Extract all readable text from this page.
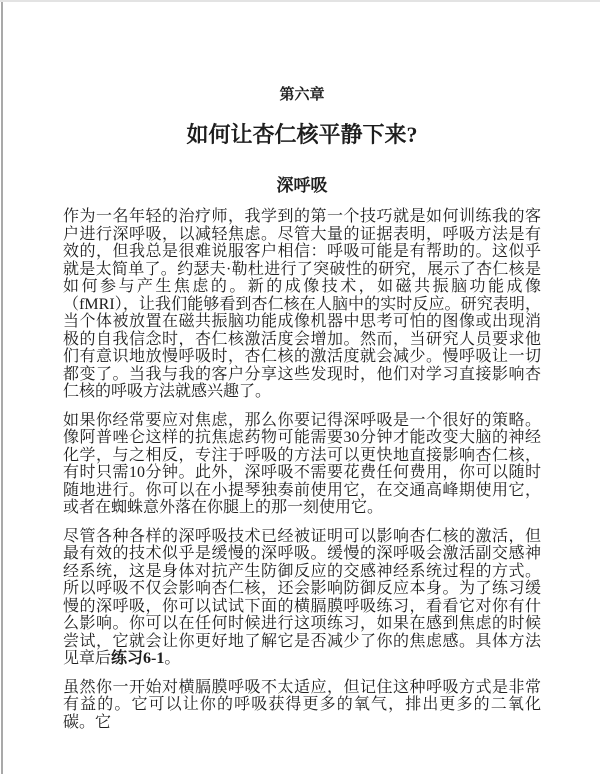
第六章
如何让杏仁核平静下来?
深呼吸

作为一名年轻的治疗师，我学到的第一个技巧就是如何训练我的客户进行深呼吸，以减轻焦虑。尽管大量的证据表明，呼吸方法是有效的，但我总是很难说服客户相信：呼吸可能是有帮助的。这似乎就是太简单了。约瑟夫·勒杜进行了突破性的研究，展示了杏仁核是如何参与产生焦虑的。新的成像技术，如磁共振脑功能成像（fMRI），让我们能够看到杏仁核在人脑中的实时反应。研究表明，当个体被放置在磁共振脑功能成像机器中思考可怕的图像或出现消极的自我信念时，杏仁核激活度会增加。然而，当研究人员要求他们有意识地放慢呼吸时，杏仁核的激活度就会减少。慢呼吸让一切都变了。当我与我的客户分享这些发现时，他们对学习直接影响杏仁核的呼吸方法就感兴趣了。

如果你经常要应对焦虑，那么你要记得深呼吸是一个很好的策略。像阿普唑仑这样的抗焦虑药物可能需要30分钟才能改变大脑的神经化学，与之相反，专注于呼吸的方法可以更快地直接影响杏仁核，有时只需10分钟。此外，深呼吸不需要花费任何费用，你可以随时随地进行。你可以在小提琴独奏前使用它，在交通高峰期使用它，或者在蜘蛛意外落在你腿上的那一刻使用它。

尽管各种各样的深呼吸技术已经被证明可以影响杏仁核的激活，但最有效的技术似乎是缓慢的深呼吸。缓慢的深呼吸会激活副交感神经系统，这是身体对抗产生防御反应的交感神经系统过程的方式。所以呼吸不仅会影响杏仁核，还会影响防御反应本身。为了练习缓慢的深呼吸，你可以试试下面的横膈膜呼吸练习，看看它对你有什么影响。你可以在任何时候进行这项练习，如果在感到焦虑的时候尝试，它就会让你更好地了解它是否减少了你的焦虑感。具体方法见章后练习6-1。

虽然你一开始对横膈膜呼吸不太适应，但记住这种呼吸方式是非常有益的。它可以让你的呼吸获得更多的氧气，排出更多的二氧化碳。它
